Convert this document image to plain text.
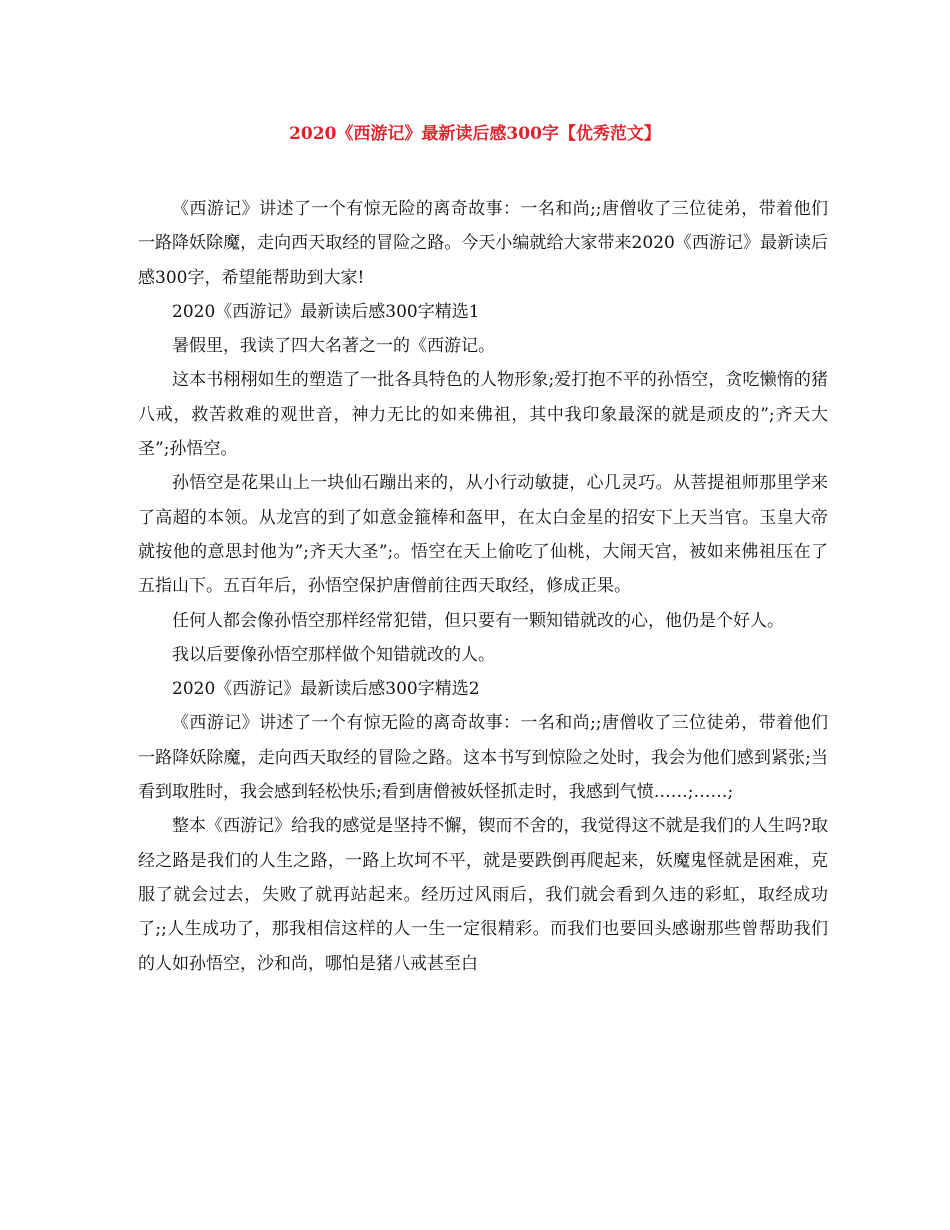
2020《西游记》最新读后感300字【优秀范文】

《西游记》讲述了一个有惊无险的离奇故事：一名和尚;;唐僧收了三位徒弟，带着他们一路降妖除魔，走向西天取经的冒险之路。今天小编就给大家带来2020《西游记》最新读后感300字，希望能帮助到大家!

2020《西游记》最新读后感300字精选1

暑假里，我读了四大名著之一的《西游记。

这本书栩栩如生的塑造了一批各具特色的人物形象;爱打抱不平的孙悟空，贪吃懒惰的猪八戒，救苦救难的观世音，神力无比的如来佛祖，其中我印象最深的就是顽皮的”;齐天大圣”;孙悟空。

孙悟空是花果山上一块仙石蹦出来的，从小行动敏捷，心几灵巧。从菩提祖师那里学来了高超的本领。从龙宫的到了如意金箍棒和盔甲，在太白金星的招安下上天当官。玉皇大帝就按他的意思封他为”;齐天大圣”;。悟空在天上偷吃了仙桃，大闹天宫，被如来佛祖压在了五指山下。五百年后，孙悟空保护唐僧前往西天取经，修成正果。

任何人都会像孙悟空那样经常犯错，但只要有一颗知错就改的心，他仍是个好人。

我以后要像孙悟空那样做个知错就改的人。

2020《西游记》最新读后感300字精选2

《西游记》讲述了一个有惊无险的离奇故事：一名和尚;;唐僧收了三位徒弟，带着他们一路降妖除魔，走向西天取经的冒险之路。这本书写到惊险之处时，我会为他们感到紧张;当看到取胜时，我会感到轻松快乐;看到唐僧被妖怪抓走时，我感到气愤……;……;

整本《西游记》给我的感觉是坚持不懈，锲而不舍的，我觉得这不就是我们的人生吗?取经之路是我们的人生之路，一路上坎坷不平，就是要跌倒再爬起来，妖魔鬼怪就是困难，克服了就会过去，失败了就再站起来。经历过风雨后，我们就会看到久违的彩虹，取经成功了;;人生成功了，那我相信这样的人一生一定很精彩。而我们也要回头感谢那些曾帮助我们的人如孙悟空，沙和尚，哪怕是猪八戒甚至白
